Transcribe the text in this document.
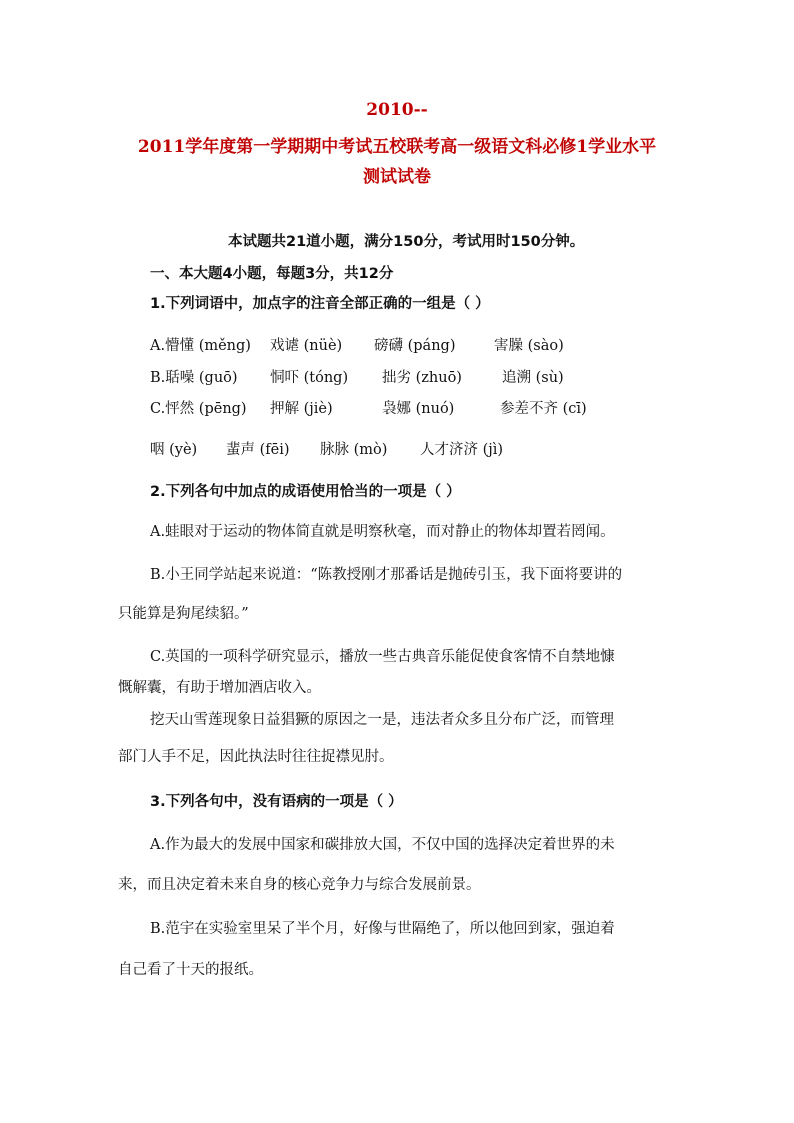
2010--
2011学年度第一学期期中考试五校联考高一级语文科必修1学业水平
测试试卷
本试题共21道小题，满分150分，考试用时150分钟。
一、本大题4小题，每题3分，共12分
1.下列词语中，加点字的注音全部正确的一组是（ ）
A.懵懂 (měng) 戏谑 (nüè) 磅礴 (páng)	害臊 (sào)
B.聒噪 (guō) 恫吓 (tóng) 拙劣 (zhuō)	追溯 (sù)
C.怦然 (pēng) 押解 (jiè)	袅娜 (nuó)	参差不齐 (cī)
咽 (yè) 蜚声 (fēi) 脉脉 (mò) 人才济济 (jì)
2.下列各句中加点的成语使用恰当的一项是（ ）
A.蛙眼对于运动的物体简直就是明察秋毫，而对静止的物体却置若罔闻。
B.小王同学站起来说道：“陈教授刚才那番话是抛砖引玉，我下面将要讲的
只能算是狗尾续貂。”
C.英国的一项科学研究显示，播放一些古典音乐能促使食客情不自禁地慷
慨解囊，有助于增加酒店收入。
挖天山雪莲现象日益猖獗的原因之一是，违法者众多且分布广泛，而管理
部门人手不足，因此执法时往往捉襟见肘。
3.下列各句中，没有语病的一项是（ ）
A.作为最大的发展中国家和碳排放大国，不仅中国的选择决定着世界的未
来，而且决定着未来自身的核心竞争力与综合发展前景。
B.范宇在实验室里呆了半个月，好像与世隔绝了，所以他回到家，强迫着
自己看了十天的报纸。
